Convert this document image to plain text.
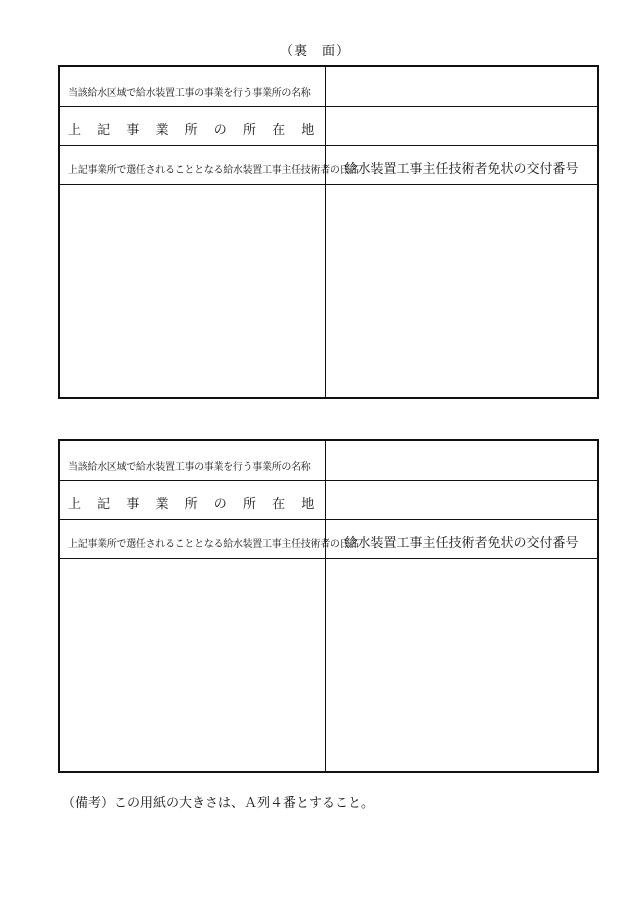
（裏　面）
当該給水区域で給水装置工事の事業を行う事業所の名称
上 記 事 業 所 の 所 在 地
上記事業所で選任されることとなる給水装置工事主任技術者の氏名
給水装置工事主任技術者免状の交付番号
当該給水区域で給水装置工事の事業を行う事業所の名称
上 記 事 業 所 の 所 在 地
上記事業所で選任されることとなる給水装置工事主任技術者の氏名
給水装置工事主任技術者免状の交付番号
（備考）この用紙の大きさは、Ａ列４番とすること。
